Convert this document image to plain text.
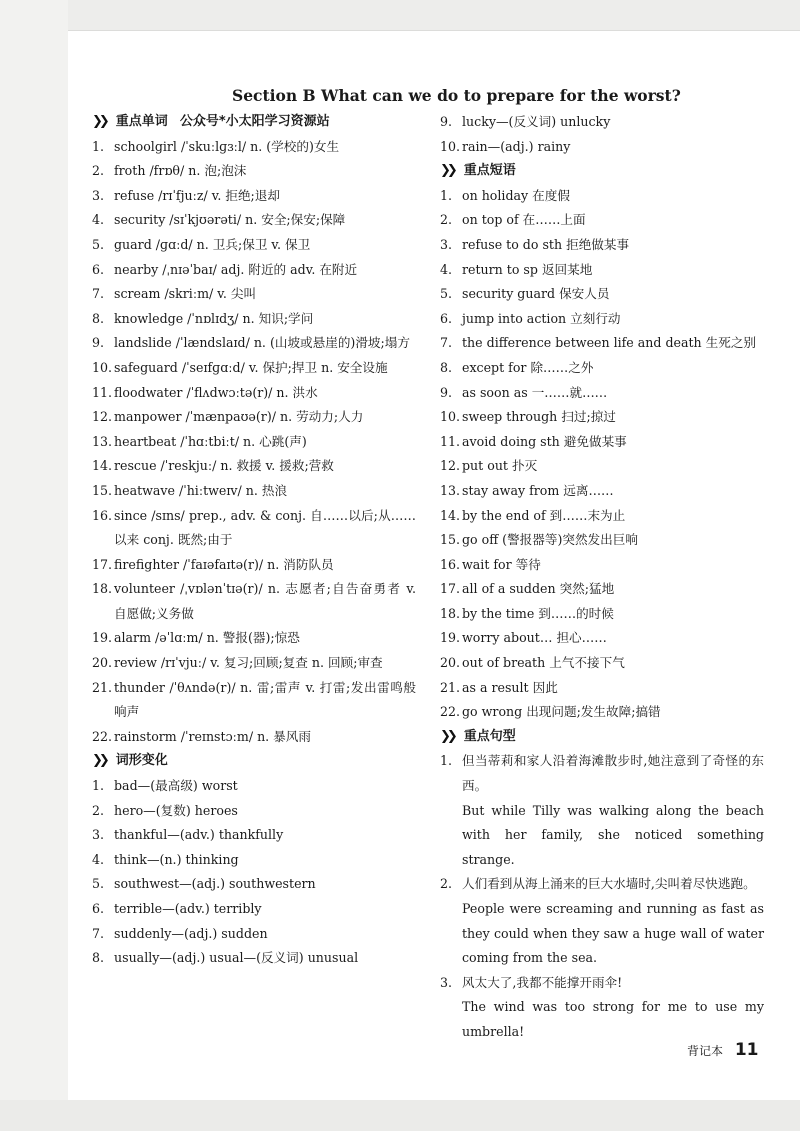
Section B What can we do to prepare for the worst?
❯❯ 重点单词 公众号*小太阳学习资源站
1. schoolgirl /ˈskuːlɡɜːl/ n. (学校的)女生
2. froth /frɒθ/ n. 泡;泡沫
3. refuse /rɪˈfjuːz/ v. 拒绝;退却
4. security /sɪˈkjʊərəti/ n. 安全;保安;保障
5. guard /ɡɑːd/ n. 卫兵;保卫 v. 保卫
6. nearby /ˌnɪəˈbaɪ/ adj. 附近的 adv. 在附近
7. scream /skriːm/ v. 尖叫
8. knowledge /ˈnɒlɪdʒ/ n. 知识;学问
9. landslide /ˈlændslaɪd/ n. (山坡或悬崖的)滑坡;塌方
10. safeguard /ˈseɪfɡɑːd/ v. 保护;捍卫 n. 安全设施
11. floodwater /ˈflʌdwɔːtə(r)/ n. 洪水
12. manpower /ˈmænpaʊə(r)/ n. 劳动力;人力
13. heartbeat /ˈhɑːtbiːt/ n. 心跳(声)
14. rescue /ˈreskjuː/ n. 救援 v. 援救;营救
15. heatwave /ˈhiːtweɪv/ n. 热浪
16. since /sɪns/ prep., adv. & conj. 自……以后;从……以来 conj. 既然;由于
17. firefighter /ˈfaɪəfaɪtə(r)/ n. 消防队员
18. volunteer /ˌvɒlənˈtɪə(r)/ n. 志愿者;自告奋勇者 v. 自愿做;义务做
19. alarm /əˈlɑːm/ n. 警报(器);惊恐
20. review /rɪˈvjuː/ v. 复习;回顾;复查 n. 回顾;审查
21. thunder /ˈθʌndə(r)/ n. 雷;雷声 v. 打雷;发出雷鸣般响声
22. rainstorm /ˈreɪnstɔːm/ n. 暴风雨
❯❯ 词形变化
1. bad—(最高级) worst
2. hero—(复数) heroes
3. thankful—(adv.) thankfully
4. think—(n.) thinking
5. southwest—(adj.) southwestern
6. terrible—(adv.) terribly
7. suddenly—(adj.) sudden
8. usually—(adj.) usual—(反义词) unusual
9. lucky—(反义词) unlucky
10. rain—(adj.) rainy
❯❯ 重点短语
1. on holiday 在度假
2. on top of 在……上面
3. refuse to do sth 拒绝做某事
4. return to sp 返回某地
5. security guard 保安人员
6. jump into action 立刻行动
7. the difference between life and death 生死之别
8. except for 除……之外
9. as soon as 一……就……
10. sweep through 扫过;掠过
11. avoid doing sth 避免做某事
12. put out 扑灭
13. stay away from 远离……
14. by the end of 到……末为止
15. go off (警报器等)突然发出巨响
16. wait for 等待
17. all of a sudden 突然;猛地
18. by the time 到……的时候
19. worry about… 担心……
20. out of breath 上气不接下气
21. as a result 因此
22. go wrong 出现问题;发生故障;搞错
❯❯ 重点句型
1. 但当蒂莉和家人沿着海滩散步时,她注意到了奇怪的东西。
But while Tilly was walking along the beach with her family, she noticed something strange.
2. 人们看到从海上涌来的巨大水墙时,尖叫着尽快逃跑。
People were screaming and running as fast as they could when they saw a huge wall of water coming from the sea.
3. 风太大了,我都不能撑开雨伞!
The wind was too strong for me to use my umbrella!
背记本 11
